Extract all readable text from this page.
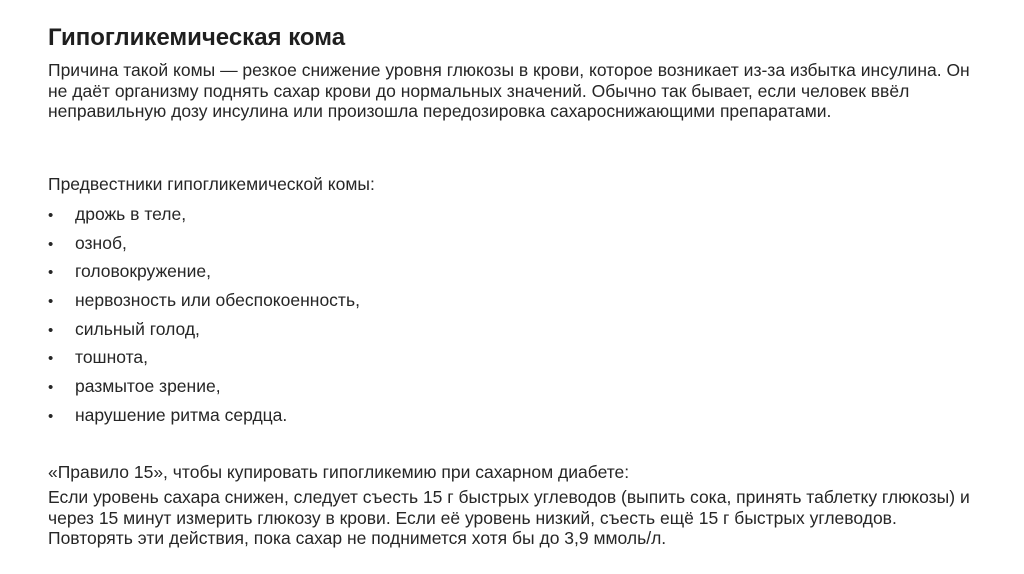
Гипогликемическая кома
Причина такой комы — резкое снижение уровня глюкозы в крови, которое возникает из-за избытка инсулина. Он не даёт организму поднять сахар крови до нормальных значений. Обычно так бывает, если человек ввёл неправильную дозу инсулина или произошла передозировка сахароснижающими препаратами.
Предвестники гипогликемической комы:
• дрожь в теле,
• озноб,
• головокружение,
• нервозность или обеспокоенность,
• сильный голод,
• тошнота,
• размытое зрение,
• нарушение ритма сердца.
«Правило 15», чтобы купировать гипогликемию при сахарном диабете:
Если уровень сахара снижен, следует съесть 15 г быстрых углеводов (выпить сока, принять таблетку глюкозы) и через 15 минут измерить глюкозу в крови. Если её уровень низкий, съесть ещё 15 г быстрых углеводов. Повторять эти действия, пока сахар не поднимется хотя бы до 3,9 ммоль/л.
